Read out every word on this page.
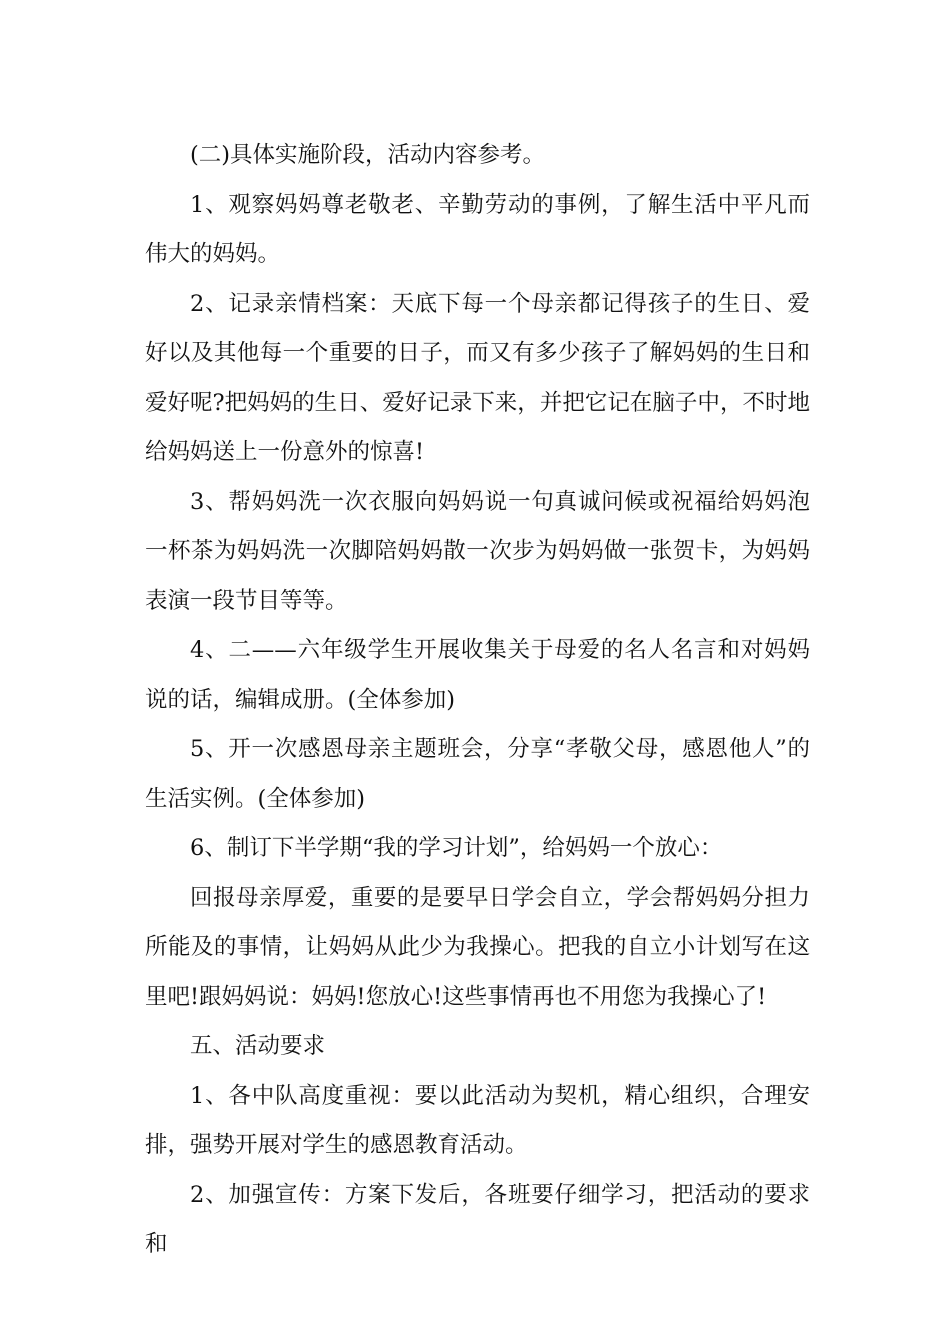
(二)具体实施阶段，活动内容参考。

1、观察妈妈尊老敬老、辛勤劳动的事例，了解生活中平凡而伟大的妈妈。

2、记录亲情档案：天底下每一个母亲都记得孩子的生日、爱好以及其他每一个重要的日子，而又有多少孩子了解妈妈的生日和爱好呢?把妈妈的生日、爱好记录下来，并把它记在脑子中，不时地给妈妈送上一份意外的惊喜!

3、帮妈妈洗一次衣服向妈妈说一句真诚问候或祝福给妈妈泡一杯茶为妈妈洗一次脚陪妈妈散一次步为妈妈做一张贺卡，为妈妈表演一段节目等等。

4、二——六年级学生开展收集关于母爱的名人名言和对妈妈说的话，编辑成册。(全体参加)

5、开一次感恩母亲主题班会，分享“孝敬父母，感恩他人”的生活实例。(全体参加)

6、制订下半学期“我的学习计划”，给妈妈一个放心：

回报母亲厚爱，重要的是要早日学会自立，学会帮妈妈分担力所能及的事情，让妈妈从此少为我操心。把我的自立小计划写在这里吧!跟妈妈说：妈妈!您放心!这些事情再也不用您为我操心了!

五、活动要求

1、各中队高度重视：要以此活动为契机，精心组织，合理安排，强势开展对学生的感恩教育活动。

2、加强宣传：方案下发后，各班要仔细学习，把活动的要求和
